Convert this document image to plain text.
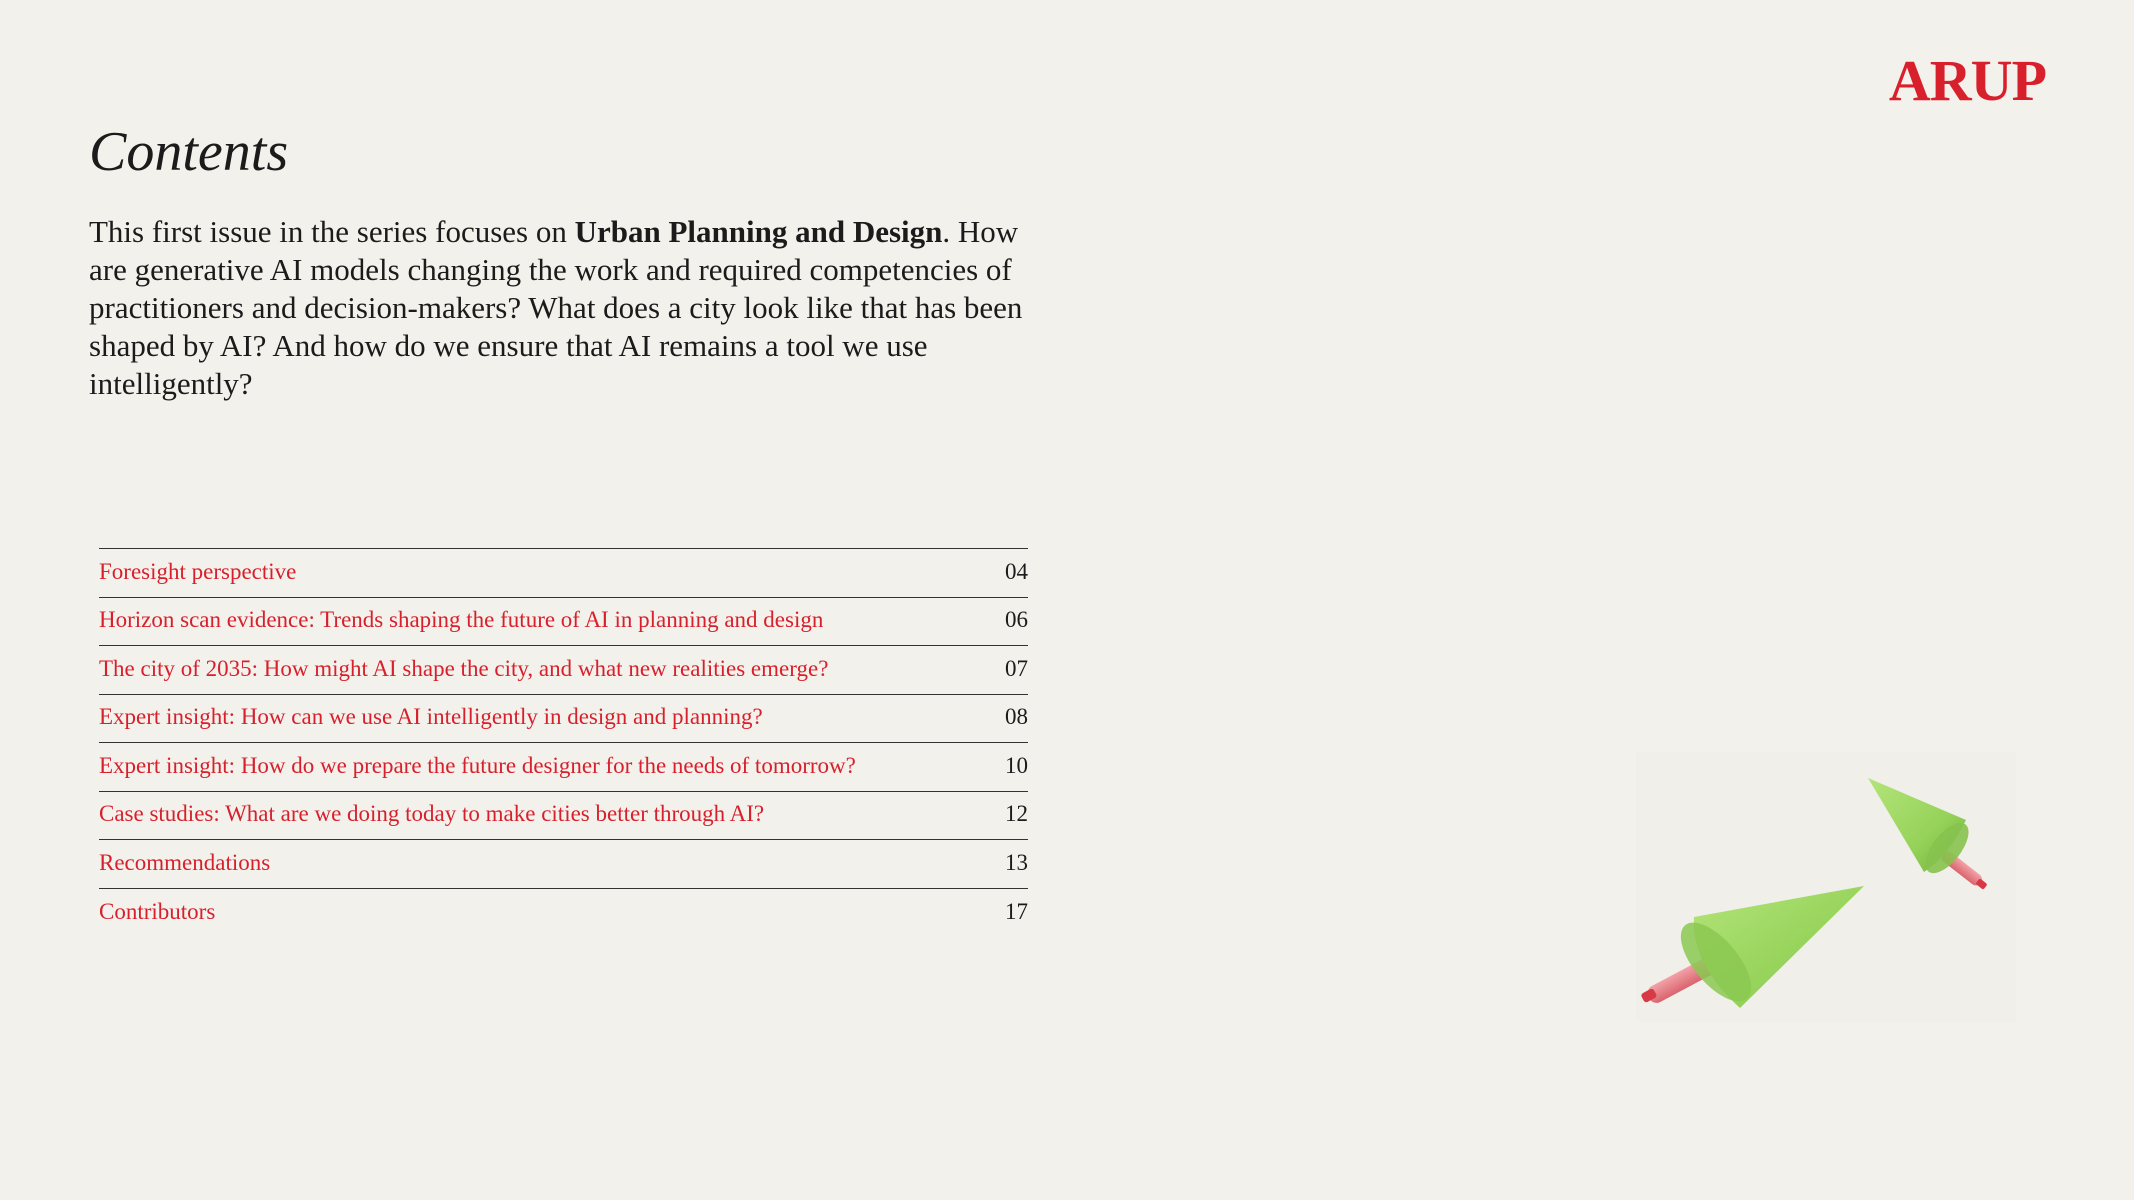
ARUP
Contents

This first issue in the series focuses on Urban Planning and Design. How are generative AI models changing the work and required competencies of practitioners and decision-makers? What does a city look like that has been shaped by AI? And how do we ensure that AI remains a tool we use intelligently?

Foresight perspective	04
Horizon scan evidence: Trends shaping the future of AI in planning and design	06
The city of 2035: How might AI shape the city, and what new realities emerge?	07
Expert insight: How can we use AI intelligently in design and planning?	08
Expert insight: How do we prepare the future designer for the needs of tomorrow?	10
Case studies: What are we doing today to make cities better through AI?	12
Recommendations	13
Contributors	17
